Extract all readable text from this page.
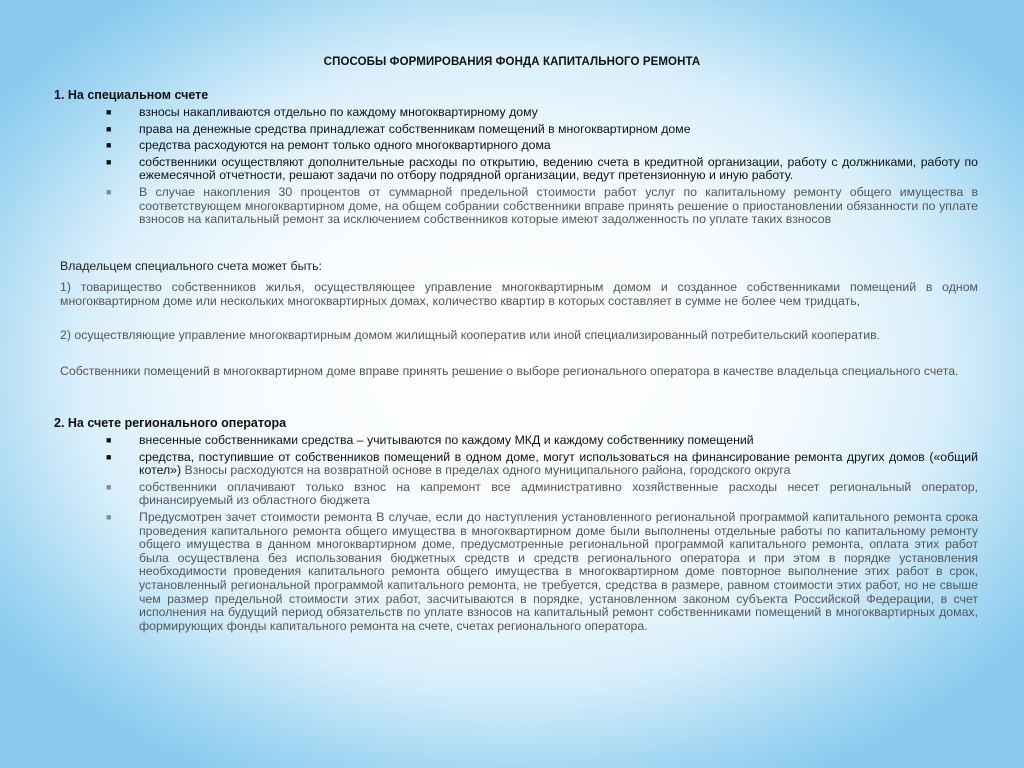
СПОСОБЫ ФОРМИРОВАНИЯ ФОНДА КАПИТАЛЬНОГО РЕМОНТА
1. На специальном счете
■	взносы накапливаются отдельно по каждому многоквартирному дому
■	права на денежные средства принадлежат собственникам помещений в многоквартирном доме
■	средства расходуются на ремонт только одного многоквартирного дома
■	собственники осуществляют дополнительные расходы по открытию, ведению счета в кредитной организации, работу с должниками, работу по ежемесячной отчетности, решают задачи по отбору подрядной организации, ведут претензионную и иную работу.
■	В случае накопления 30 процентов от суммарной предельной стоимости работ услуг по капитальному ремонту общего имущества в соответствующем многоквартирном доме, на общем собрании собственники вправе принять решение о приостановлении обязанности по уплате взносов на капитальный ремонт за исключением собственников которые имеют задолженность по уплате таких взносов
Владельцем специального счета может быть:
1) товарищество собственников жилья, осуществляющее управление многоквартирным домом и созданное собственниками помещений в одном многоквартирном доме или нескольких многоквартирных домах, количество квартир в которых составляет в сумме не более чем тридцать,
2) осуществляющие управление многоквартирным домом жилищный кооператив или иной специализированный потребительский кооператив.
Собственники помещений в многоквартирном доме вправе принять решение о выборе регионального оператора в качестве владельца специального счета.
2. На счете регионального оператора
■	внесенные собственниками средства – учитываются по каждому МКД и каждому собственнику помещений
■	средства, поступившие от собственников помещений в одном доме, могут использоваться на финансирование ремонта других домов («общий котел») Взносы расходуются на возвратной основе в пределах одного муниципального района, городского округа
■	собственники оплачивают только взнос на капремонт все административно хозяйственные расходы несет региональный оператор, финансируемый из областного бюджета
■	Предусмотрен зачет стоимости ремонта В случае, если до наступления установленного региональной программой капитального ремонта срока проведения капитального ремонта общего имущества в многоквартирном доме были выполнены отдельные работы по капитальному ремонту общего имущества в данном многоквартирном доме, предусмотренные региональной программой капитального ремонта, оплата этих работ была осуществлена без использования бюджетных средств и средств регионального оператора и при этом в порядке установления необходимости проведения капитального ремонта общего имущества в многоквартирном доме повторное выполнение этих работ в срок, установленный региональной программой капитального ремонта, не требуется, средства в размере, равном стоимости этих работ, но не свыше чем размер предельной стоимости этих работ, засчитываются в порядке, установленном законом субъекта Российской Федерации, в счет исполнения на будущий период обязательств по уплате взносов на капитальный ремонт собственниками помещений в многоквартирных домах, формирующих фонды капитального ремонта на счете, счетах регионального оператора.
